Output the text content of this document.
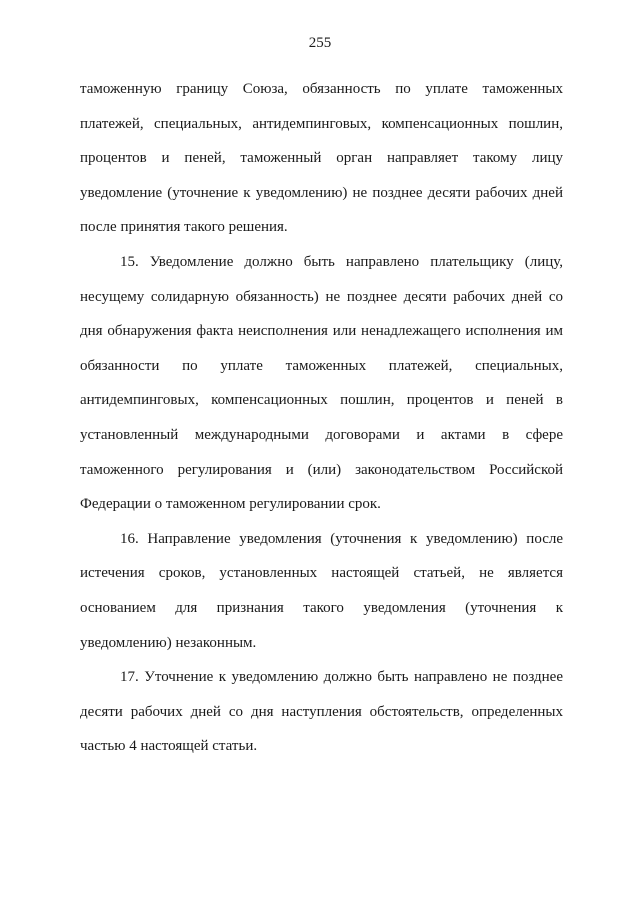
255

таможенную границу Союза, обязанность по уплате таможенных платежей, специальных, антидемпинговых, компенсационных пошлин, процентов и пеней, таможенный орган направляет такому лицу уведомление (уточнение к уведомлению) не позднее десяти рабочих дней после принятия такого решения.

15. Уведомление должно быть направлено плательщику (лицу, несущему солидарную обязанность) не позднее десяти рабочих дней со дня обнаружения факта неисполнения или ненадлежащего исполнения им обязанности по уплате таможенных платежей, специальных, антидемпинговых, компенсационных пошлин, процентов и пеней в установленный международными договорами и актами в сфере таможенного регулирования и (или) законодательством Российской Федерации о таможенном регулировании срок.

16. Направление уведомления (уточнения к уведомлению) после истечения сроков, установленных настоящей статьей, не является основанием для признания такого уведомления (уточнения к уведомлению) незаконным.

17. Уточнение к уведомлению должно быть направлено не позднее десяти рабочих дней со дня наступления обстоятельств, определенных частью 4 настоящей статьи.
